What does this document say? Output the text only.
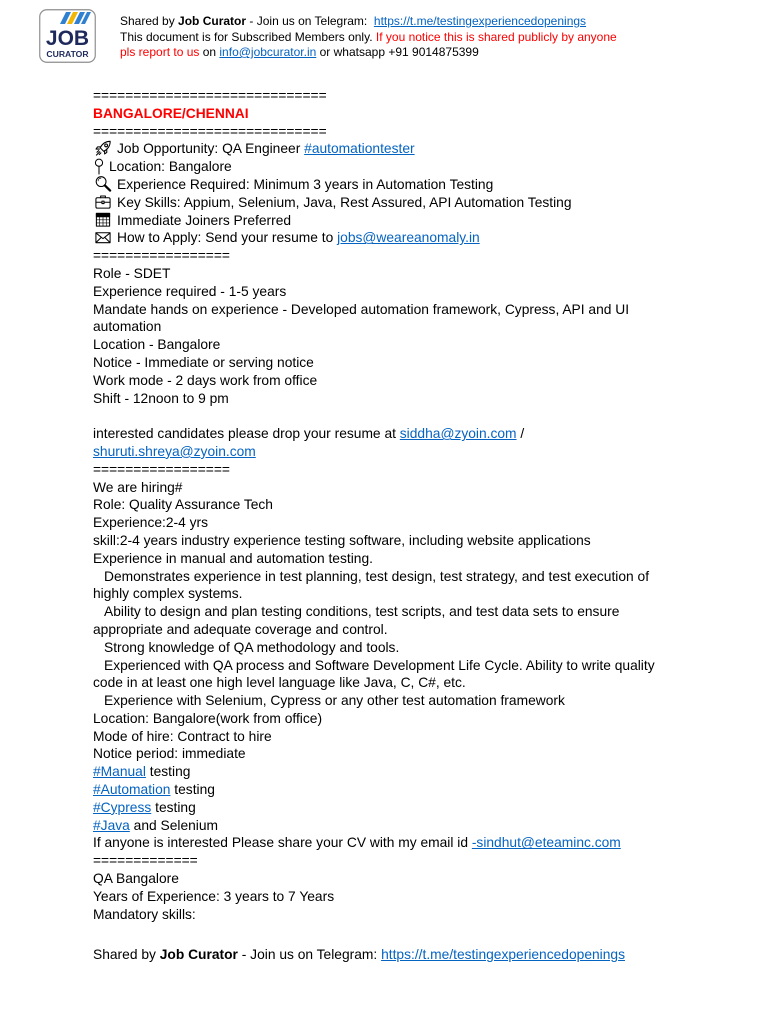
JOB
CURATOR
Shared by Job Curator - Join us on Telegram:  https://t.me/testingexperiencedopenings
This document is for Subscribed Members only. If you notice this is shared publicly by anyone
pls report to us on info@jobcurator.in or whatsapp +91 9014875399
=============================
BANGALORE/CHENNAI
=============================
Job Opportunity: QA Engineer #automationtester
Location: Bangalore
Experience Required: Minimum 3 years in Automation Testing
Key Skills: Appium, Selenium, Java, Rest Assured, API Automation Testing
Immediate Joiners Preferred
How to Apply: Send your resume to jobs@weareanomaly.in
=================
Role - SDET
Experience required - 1-5 years
Mandate hands on experience - Developed automation framework, Cypress, API and UI
automation
Location - Bangalore
Notice - Immediate or serving notice
Work mode - 2 days work from office
Shift - 12noon to 9 pm
interested candidates please drop your resume at siddha@zyoin.com /
shuruti.shreya@zyoin.com
=================
We are hiring#
Role: Quality Assurance Tech
Experience:2-4 yrs
skill:2-4 years industry experience testing software, including website applications
Experience in manual and automation testing.
Demonstrates experience in test planning, test design, test strategy, and test execution of
highly complex systems.
Ability to design and plan testing conditions, test scripts, and test data sets to ensure
appropriate and adequate coverage and control.
Strong knowledge of QA methodology and tools.
Experienced with QA process and Software Development Life Cycle. Ability to write quality
code in at least one high level language like Java, C, C#, etc.
Experience with Selenium, Cypress or any other test automation framework
Location: Bangalore(work from office)
Mode of hire: Contract to hire
Notice period: immediate
#Manual testing
#Automation testing
#Cypress testing
#Java and Selenium
If anyone is interested Please share your CV with my email id -sindhut@eteaminc.com
=============
QA Bangalore
Years of Experience: 3 years to 7 Years
Mandatory skills:
Shared by Job Curator - Join us on Telegram: https://t.me/testingexperiencedopenings
